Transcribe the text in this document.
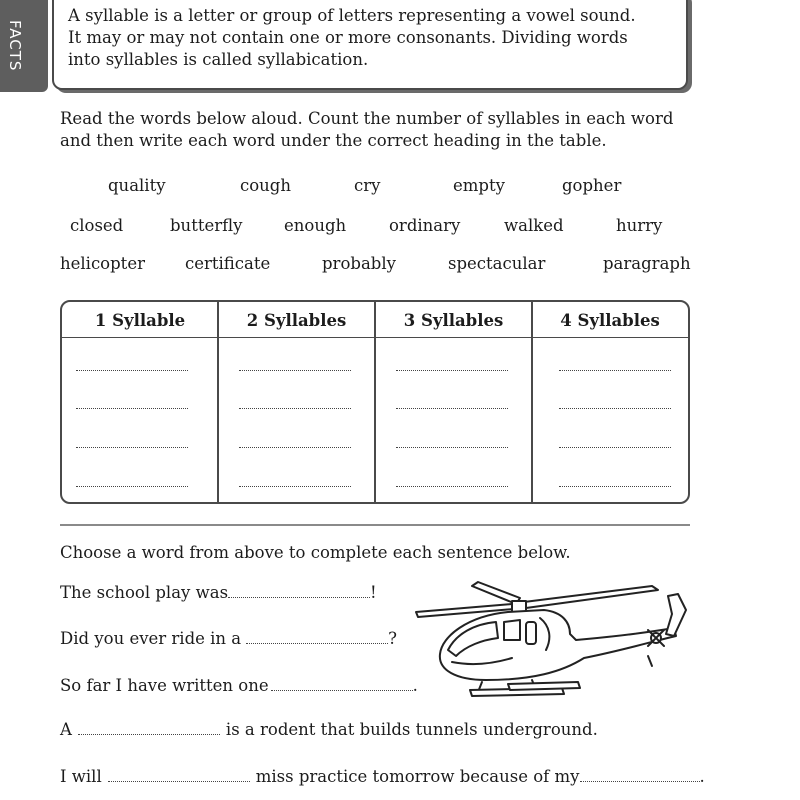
FACTS
A syllable is a letter or group of letters representing a vowel sound.
It may or may not contain one or more consonants. Dividing words
into syllables is called syllabication.
Read the words below aloud. Count the number of syllables in each word
and then write each word under the correct heading in the table.
quality	cough	cry	empty	gopher
closed	butterfly	enough	ordinary	walked	hurry
helicopter certificate	probably	spectacular	paragraph
1 Syllable	2 Syllables	3 Syllables	4 Syllables
Choose a word from above to complete each sentence below.
The school play was	!
Did you ever ride in a	?
So far I have written one	.
A	is a rodent that builds tunnels underground.
I will	miss practice tomorrow because of my	.
